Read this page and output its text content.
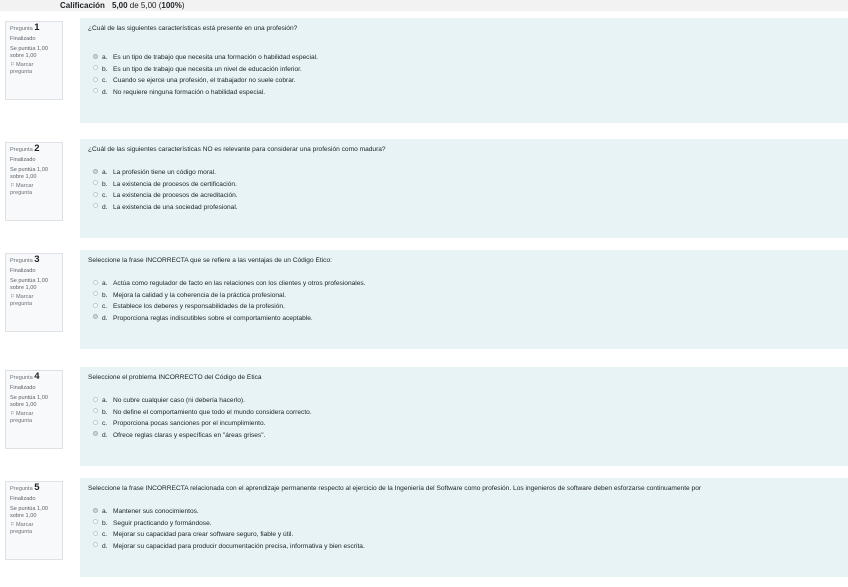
Calificación 5,00 de 5,00 (100%)
Pregunta 1
Finalizado
Se puntúa 1,00
sobre 1,00
⚐Marcar
pregunta
¿Cuál de las siguientes características está presente en una profesión?
a. Es un tipo de trabajo que necesita una formación o habilidad especial.
b. Es un tipo de trabajo que necesita un nivel de educación inferior.
c. Cuando se ejerce una profesión, el trabajador no suele cobrar.
d. No requiere ninguna formación o habilidad especial.
Pregunta 2
Finalizado
Se puntúa 1,00
sobre 1,00
⚐Marcar
pregunta
¿Cuál de las siguientes características NO es relevante para considerar una profesión como madura?
a. La profesión tiene un código moral.
b. La existencia de procesos de certificación.
c. La existencia de procesos de acreditación.
d. La existencia de una sociedad profesional.
Pregunta 3
Finalizado
Se puntúa 1,00
sobre 1,00
⚐Marcar
pregunta
Seleccione la frase INCORRECTA que se refiere a las ventajas de un Código Ético:
a. Actúa como regulador de facto en las relaciones con los clientes y otros profesionales.
b. Mejora la calidad y la coherencia de la práctica profesional.
c. Establece los deberes y responsabilidades de la profesión.
d. Proporciona reglas indiscutibles sobre el comportamiento aceptable.
Pregunta 4
Finalizado
Se puntúa 1,00
sobre 1,00
⚐Marcar
pregunta
Seleccione el problema INCORRECTO del Código de Ética
a. No cubre cualquier caso (ni debería hacerlo).
b. No define el comportamiento que todo el mundo considera correcto.
c. Proporciona pocas sanciones por el incumplimiento.
d. Ofrece reglas claras y específicas en "áreas grises".
Pregunta 5
Finalizado
Se puntúa 1,00
sobre 1,00
⚐Marcar
pregunta
Seleccione la frase INCORRECTA relacionada con el aprendizaje permanente respecto al ejercicio de la Ingeniería del Software como profesión. Los ingenieros de software deben esforzarse continuamente por
a. Mantener sus conocimientos.
b. Seguir practicando y formándose.
c. Mejorar su capacidad para crear software seguro, fiable y útil.
d. Mejorar su capacidad para producir documentación precisa, informativa y bien escrita.
